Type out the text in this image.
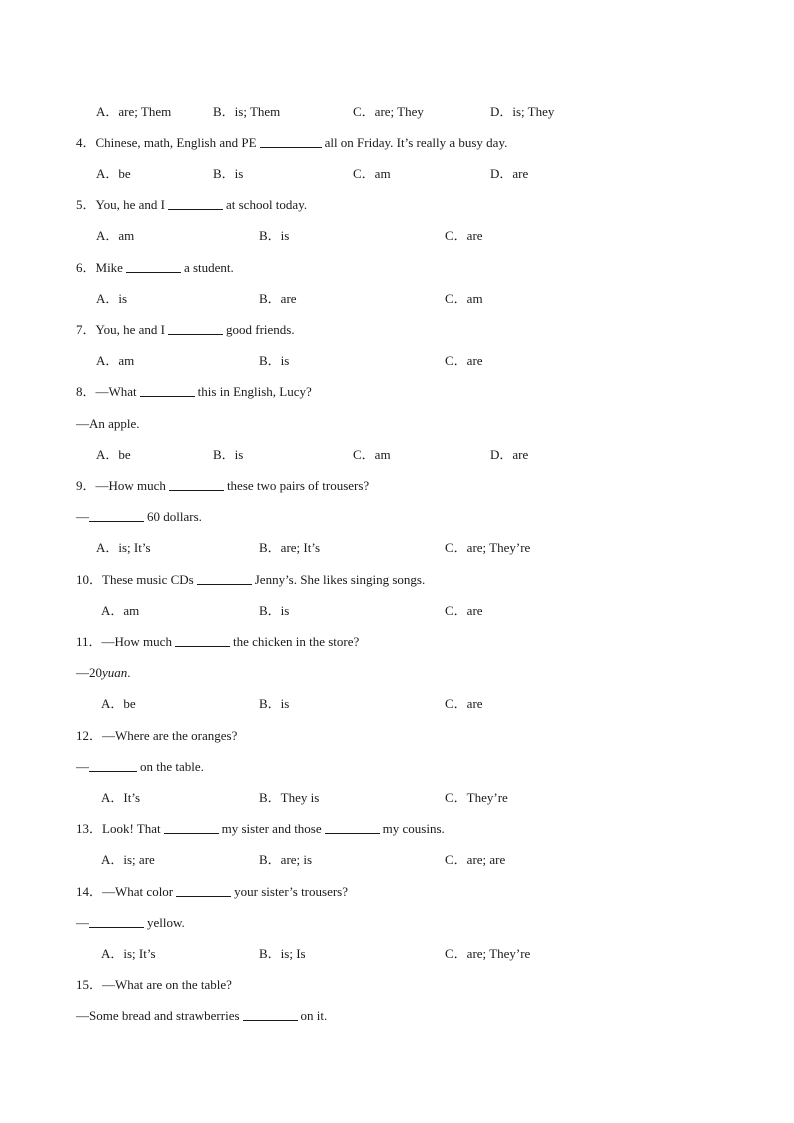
A．are; Them	B．is; Them	C．are; They	D．is; They
4．Chinese, math, English and PE	all on Friday. It’s really a busy day.
A．be	B．is	C．am	D．are
5．You, he and I	at school today.
A．am	B．is	C．are
6．Mike	a student.
A．is	B．are	C．am
7．You, he and I	good friends.
A．am	B．is	C．are
8．—What	this in English, Lucy?
—An apple.
A．be	B．is	C．am	D．are
9．—How much	these two pairs of trousers?
—	60 dollars.
A．is; It’s	B．are; It’s	C．are; They’re
10．These music CDs	Jenny’s. She likes singing songs.
A．am	B．is	C．are
11．—How much	the chicken in the store?
—20yuan.
A．be	B．is	C．are
12．—Where are the oranges?
—	on the table.
A．It’s	B．They is	C．They’re
13．Look! That	my sister and those	my cousins.
A．is; are	B．are; is	C．are; are
14．—What color	your sister’s trousers?
—	yellow.
A．is; It’s	B．is; Is	C．are; They’re
15．—What are on the table?
—Some bread and strawberries	on it.
